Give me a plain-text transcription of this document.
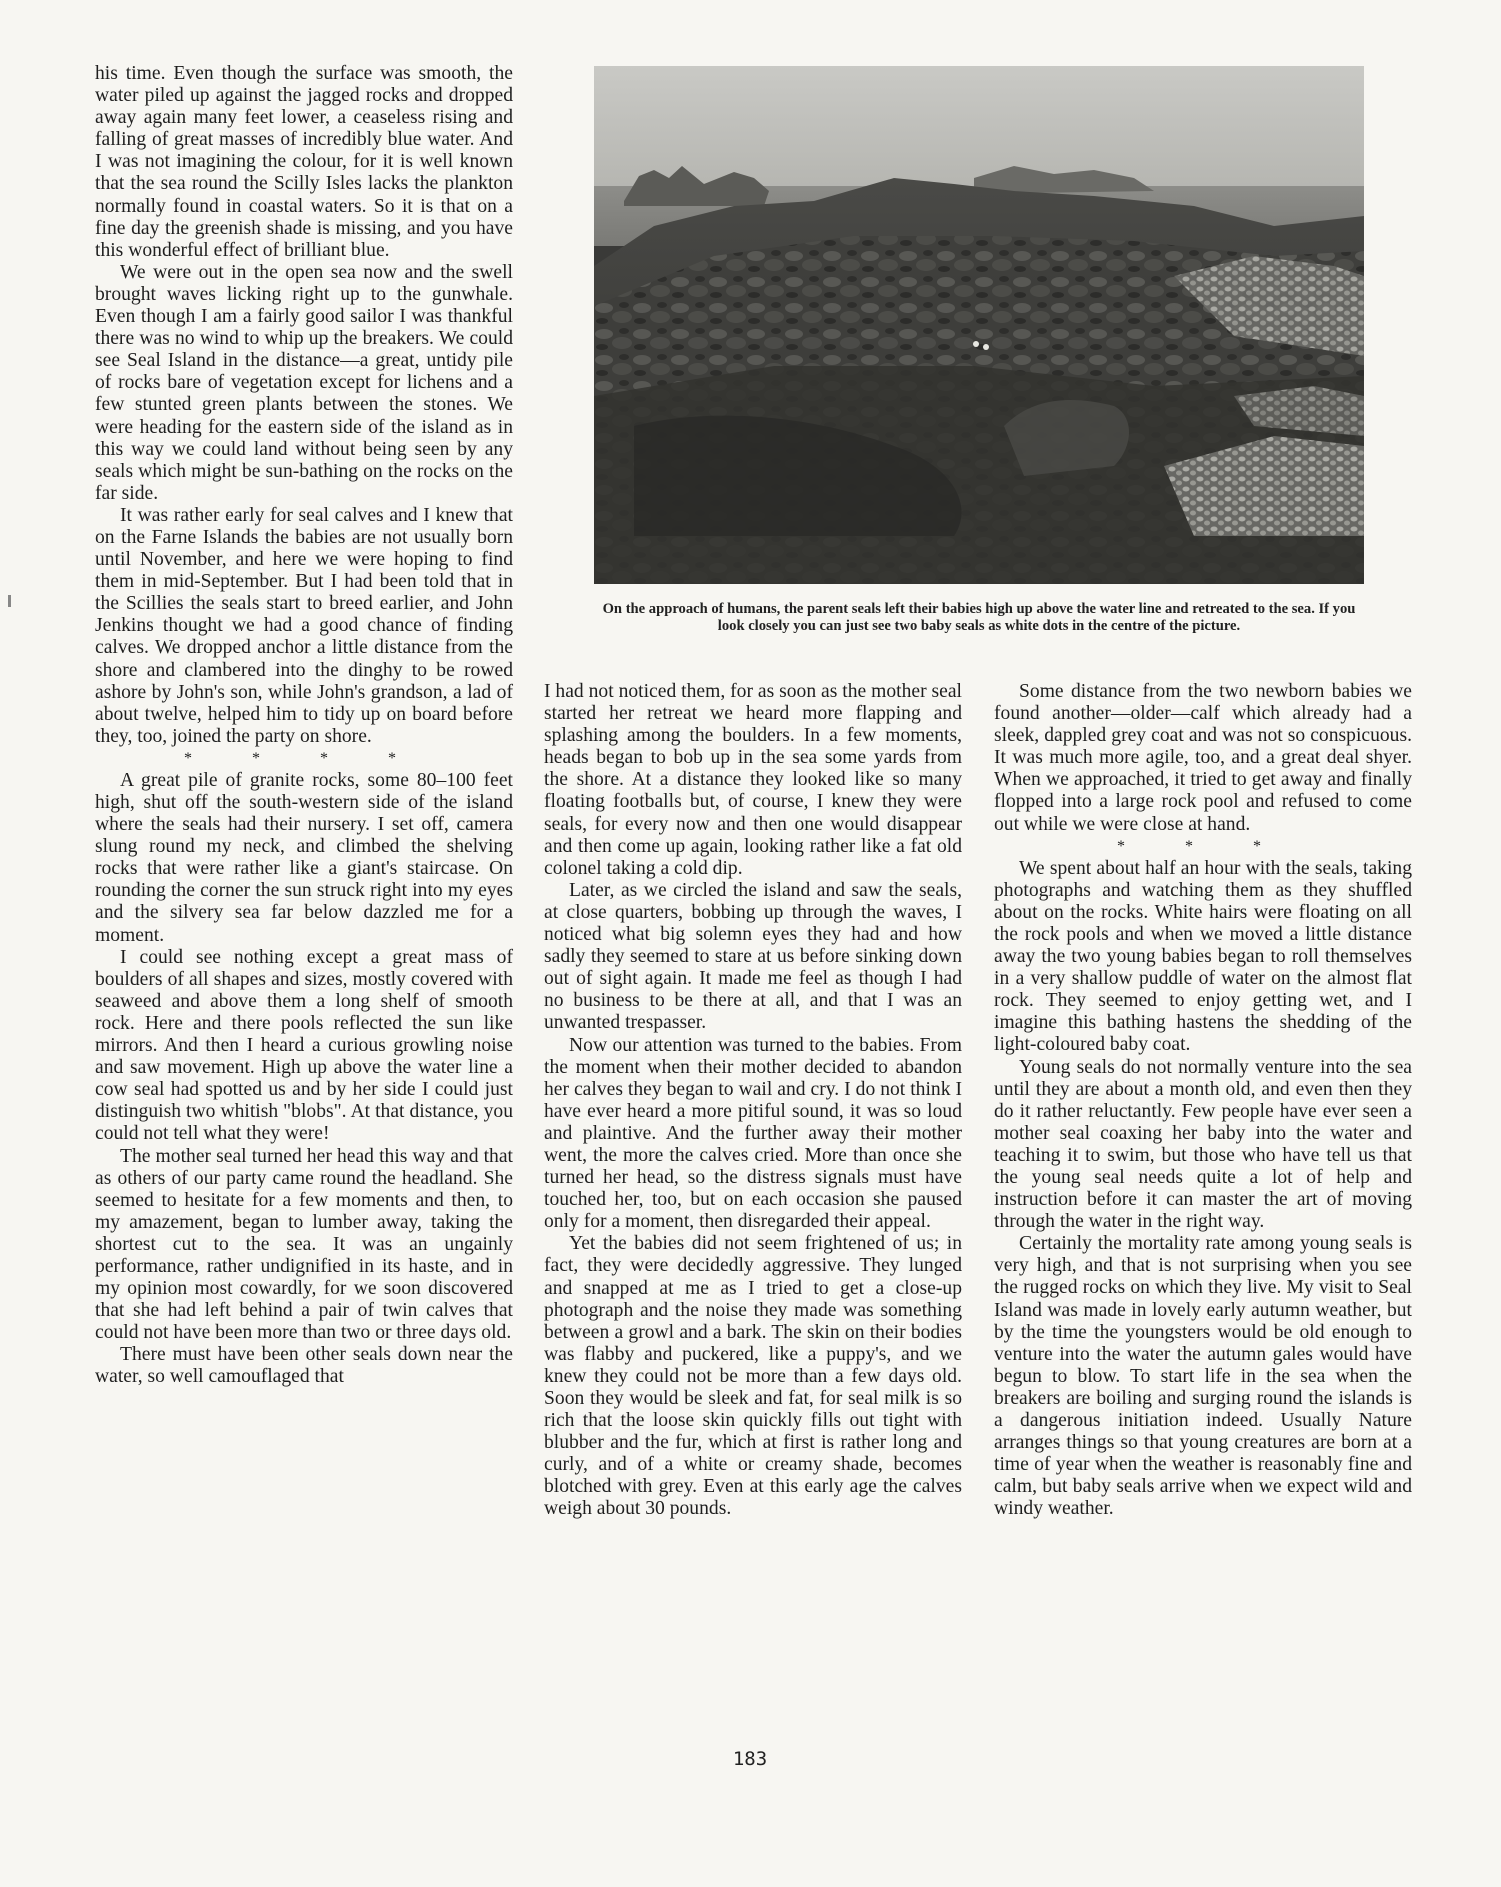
his time. Even though the surface was smooth, the water piled up against the jagged rocks and dropped away again many feet lower, a ceaseless rising and falling of great masses of incredibly blue water. And I was not imagining the colour, for it is well known that the sea round the Scilly Isles lacks the plankton normally found in coastal waters. So it is that on a fine day the greenish shade is missing, and you have this wonderful effect of brilliant blue.

We were out in the open sea now and the swell brought waves licking right up to the gunwhale. Even though I am a fairly good sailor I was thankful there was no wind to whip up the breakers. We could see Seal Island in the distance—a great, untidy pile of rocks bare of vegetation except for lichens and a few stunted green plants between the stones. We were heading for the eastern side of the island as in this way we could land without being seen by any seals which might be sun-bathing on the rocks on the far side.

It was rather early for seal calves and I knew that on the Farne Islands the babies are not usually born until November, and here we were hoping to find them in mid-September. But I had been told that in the Scillies the seals start to breed earlier, and John Jenkins thought we had a good chance of finding calves. We dropped anchor a little distance from the shore and clambered into the dinghy to be rowed ashore by John's son, while John's grandson, a lad of about twelve, helped him to tidy up on board before they, too, joined the party on shore.

* * * *

A great pile of granite rocks, some 80–100 feet high, shut off the south-western side of the island where the seals had their nursery. I set off, camera slung round my neck, and climbed the shelving rocks that were rather like a giant's staircase. On rounding the corner the sun struck right into my eyes and the silvery sea far below dazzled me for a moment.

I could see nothing except a great mass of boulders of all shapes and sizes, mostly covered with seaweed and above them a long shelf of smooth rock. Here and there pools reflected the sun like mirrors. And then I heard a curious growling noise and saw movement. High up above the water line a cow seal had spotted us and by her side I could just distinguish two whitish "blobs". At that distance, you could not tell what they were!

The mother seal turned her head this way and that as others of our party came round the headland. She seemed to hesitate for a few moments and then, to my amazement, began to lumber away, taking the shortest cut to the sea. It was an ungainly performance, rather undignified in its haste, and in my opinion most cowardly, for we soon discovered that she had left behind a pair of twin calves that could not have been more than two or three days old.

There must have been other seals down near the water, so well camouflaged that

On the approach of humans, the parent seals left their babies high up above the water line and retreated to the sea. If you look closely you can just see two baby seals as white dots in the centre of the picture.

I had not noticed them, for as soon as the mother seal started her retreat we heard more flapping and splashing among the boulders. In a few moments, heads began to bob up in the sea some yards from the shore. At a distance they looked like so many floating footballs but, of course, I knew they were seals, for every now and then one would disappear and then come up again, looking rather like a fat old colonel taking a cold dip.

Later, as we circled the island and saw the seals, at close quarters, bobbing up through the waves, I noticed what big solemn eyes they had and how sadly they seemed to stare at us before sinking down out of sight again. It made me feel as though I had no business to be there at all, and that I was an unwanted trespasser.

Now our attention was turned to the babies. From the moment when their mother decided to abandon her calves they began to wail and cry. I do not think I have ever heard a more pitiful sound, it was so loud and plaintive. And the further away their mother went, the more the calves cried. More than once she turned her head, so the distress signals must have touched her, too, but on each occasion she paused only for a moment, then disregarded their appeal.

Yet the babies did not seem frightened of us; in fact, they were decidedly aggressive. They lunged and snapped at me as I tried to get a close-up photograph and the noise they made was something between a growl and a bark. The skin on their bodies was flabby and puckered, like a puppy's, and we knew they could not be more than a few days old. Soon they would be sleek and fat, for seal milk is so rich that the loose skin quickly fills out tight with blubber and the fur, which at first is rather long and curly, and of a white or creamy shade, becomes blotched with grey. Even at this early age the calves weigh about 30 pounds.

Some distance from the two newborn babies we found another—older—calf which already had a sleek, dappled grey coat and was not so conspicuous. It was much more agile, too, and a great deal shyer. When we approached, it tried to get away and finally flopped into a large rock pool and refused to come out while we were close at hand.

* * *

We spent about half an hour with the seals, taking photographs and watching them as they shuffled about on the rocks. White hairs were floating on all the rock pools and when we moved a little distance away the two young babies began to roll themselves in a very shallow puddle of water on the almost flat rock. They seemed to enjoy getting wet, and I imagine this bathing hastens the shedding of the light-coloured baby coat.

Young seals do not normally venture into the sea until they are about a month old, and even then they do it rather reluctantly. Few people have ever seen a mother seal coaxing her baby into the water and teaching it to swim, but those who have tell us that the young seal needs quite a lot of help and instruction before it can master the art of moving through the water in the right way.

Certainly the mortality rate among young seals is very high, and that is not surprising when you see the rugged rocks on which they live. My visit to Seal Island was made in lovely early autumn weather, but by the time the youngsters would be old enough to venture into the water the autumn gales would have begun to blow. To start life in the sea when the breakers are boiling and surging round the islands is a dangerous initiation indeed. Usually Nature arranges things so that young creatures are born at a time of year when the weather is reasonably fine and calm, but baby seals arrive when we expect wild and windy weather.

183
